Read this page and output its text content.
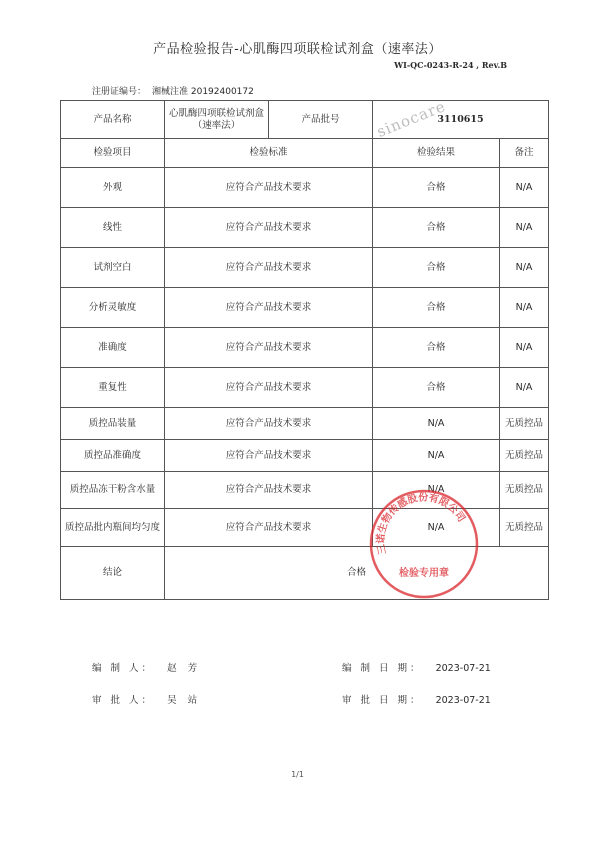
产品检验报告-心肌酶四项联检试剂盒（速率法）
WI-QC-0243-R-24 , Rev.B
注册证编号： 湘械注准 20192400172
产品名称	心肌酶四项联检试剂盒（速率法）	产品批号	3110615
检验项目	检验标准		检验结果 备注

外观	应符合产品技术要求		合格 N/A

线性	应符合产品技术要求		合格 N/A

试剂空白	应符合产品技术要求		合格 N/A

分析灵敏度	应符合产品技术要求		合格 N/A

准确度	应符合产品技术要求		合格 N/A

重复性	应符合产品技术要求		合格 N/A

质控品装量	应符合产品技术要求		N/A 无质控品

质控品准确度	应符合产品技术要求		N/A 无质控品

质控品冻干粉含水量	应符合产品技术要求		N/A 无质控品

质控品批内瓶间均匀度	应符合产品技术要求		N/A 无质控品

结论	合格		
编 制 人： 赵 芳	编 制 日 期： 2023-07-21
审 批 人： 吴 站	审 批 日 期： 2023-07-21
sinocare
三诺生物传感股份有限公司
检验专用章
1/1
